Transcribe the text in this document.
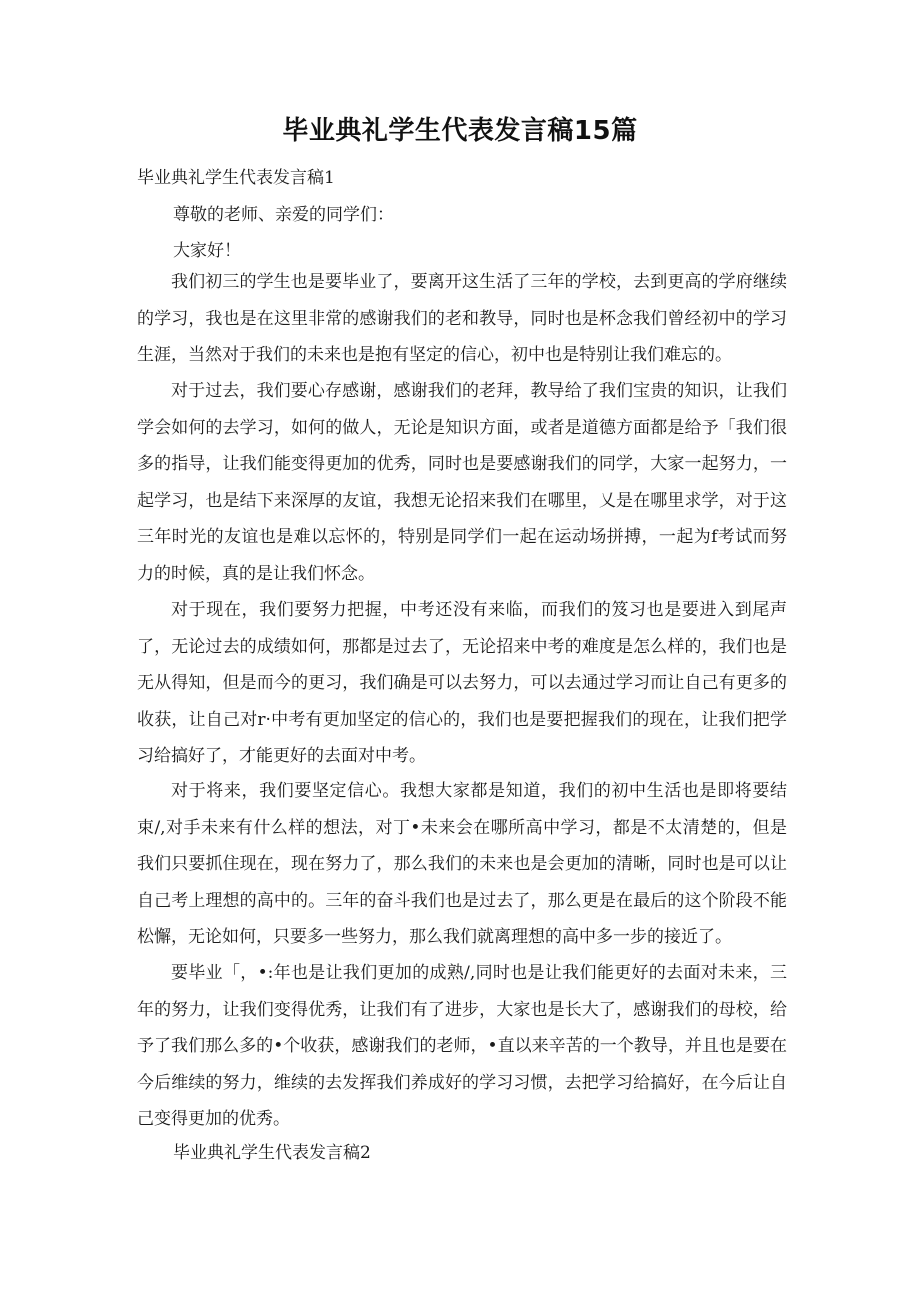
毕业典礼学生代表发言稿15篇

毕业典礼学生代表发言稿1

尊敬的老师、亲爱的同学们：

大家好！

我们初三的学生也是要毕业了，要离开这生活了三年的学校，去到更高的学府继续的学习，我也是在这里非常的感谢我们的老和教导，同时也是杯念我们曾经初中的学习生涯，当然对于我们的未来也是抱有坚定的信心，初中也是特别让我们难忘的。

对于过去，我们要心存感谢，感谢我们的老拜，教导给了我们宝贵的知识，让我们学会如何的去学习，如何的做人，无论是知识方面，或者是道德方面都是给予「我们很多的指导，让我们能变得更加的优秀，同时也是要感谢我们的同学，大家一起努力，一起学习，也是结下来深厚的友谊，我想无论招来我们在哪里，乂是在哪里求学，对于这三年时光的友谊也是难以忘怀的，特别是同学们一起在运动场拼搏，一起为f考试而努力的时候，真的是让我们怀念。

对于现在，我们要努力把握，中考还没有来临，而我们的笈习也是要进入到尾声了，无论过去的成绩如何，那都是过去了，无论招来中考的难度是怎么样的，我们也是无从得知，但是而今的更习，我们确是可以去努力，可以去通过学习而让自己有更多的收获，让自己对r·中考有更加坚定的信心的，我们也是要把握我们的现在，让我们把学习给搞好了，才能更好的去面对中考。

对于将来，我们要坚定信心。我想大家都是知道，我们的初中生活也是即将要结束/,对手未来有什么样的想法，对丁•未来会在哪所高中学习，都是不太清楚的，但是我们只要抓住现在，现在努力了，那么我们的未来也是会更加的清晰，同时也是可以让自己考上理想的高中的。三年的奋斗我们也是过去了，那么更是在最后的这个阶段不能松懈，无论如何，只要多一些努力，那么我们就离理想的高中多一步的接近了。

要毕业「，•:年也是让我们更加的成熟/,同时也是让我们能更好的去面对未来，三年的努力，让我们变得优秀，让我们有了进步，大家也是长大了，感谢我们的母校，给予了我们那么多的•个收获，感谢我们的老师，•直以来辛苦的一个教导，并且也是要在今后维续的努力，维续的去发挥我们养成好的学习习惯，去把学习给搞好，在今后让自己变得更加的优秀。

毕业典礼学生代表发言稿2
